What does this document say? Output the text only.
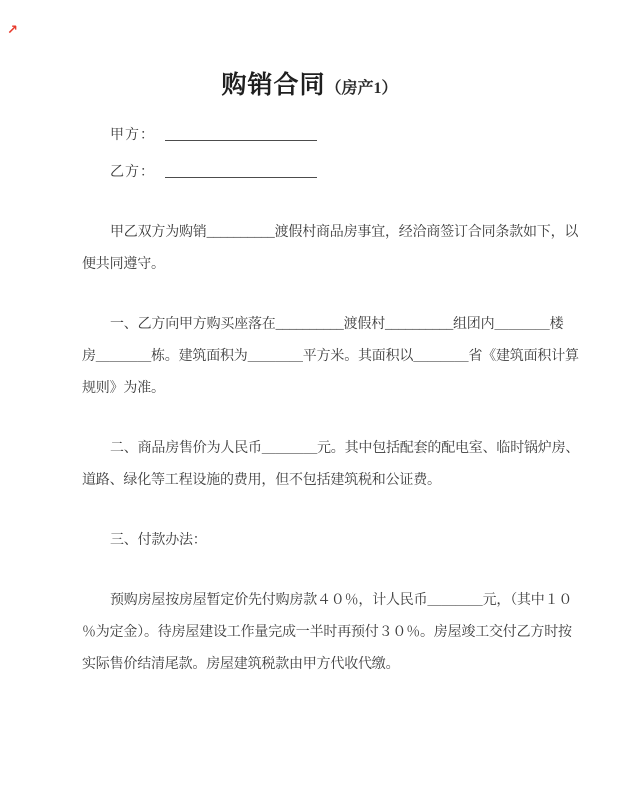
↗
购销合同（房产1）
甲方：
乙方：
甲乙双方为购销__________渡假村商品房事宜，经洽商签订合同条款如下，以
便共同遵守。
一、乙方向甲方购买座落在__________渡假村__________组团内＿＿＿＿楼
房＿＿＿＿栋。建筑面积为＿＿＿＿平方米。其面积以＿＿＿＿省《建筑面积计算
规则》为准。
二、商品房售价为人民币＿＿＿＿元。其中包括配套的配电室、临时锅炉房、
道路、绿化等工程设施的费用，但不包括建筑税和公证费。
三、付款办法：
预购房屋按房屋暂定价先付购房款４０％，计人民币＿＿＿＿元，（其中１０
％为定金）。待房屋建设工作量完成一半时再预付３０％。房屋竣工交付乙方时按
实际售价结清尾款。房屋建筑税款由甲方代收代缴。
